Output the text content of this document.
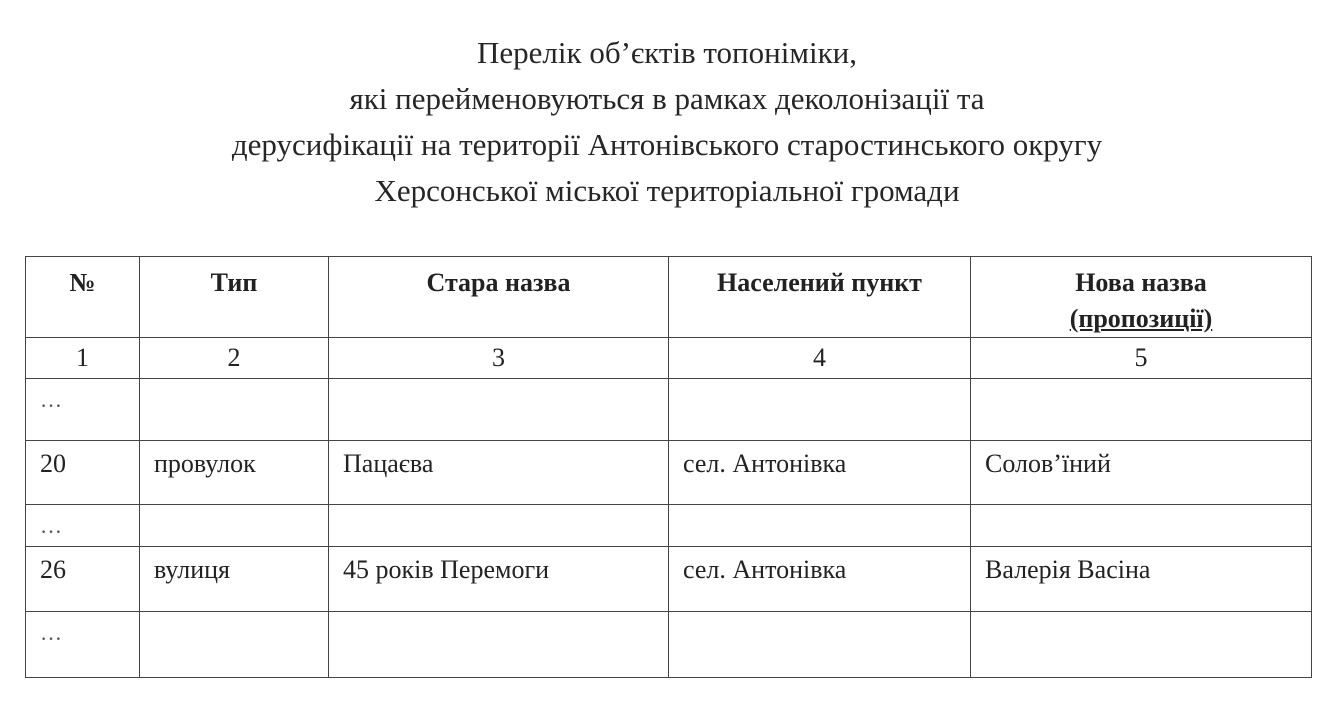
Перелік об’єктів топоніміки,
які перейменовуються в рамках деколонізації та
дерусифікації на території Антонівського старостинського округу
Херсонської міської територіальної громади
№	Тип	Стара назва	Населений пункт	Нова назва
(пропозиції)

1	2	3	4	5
…				
20	провулок	Пацаєва	сел. Антонівка	Солов’їний
…				
26	вулиця	45 років Перемоги	сел. Антонівка	Валерія Васіна
…				
